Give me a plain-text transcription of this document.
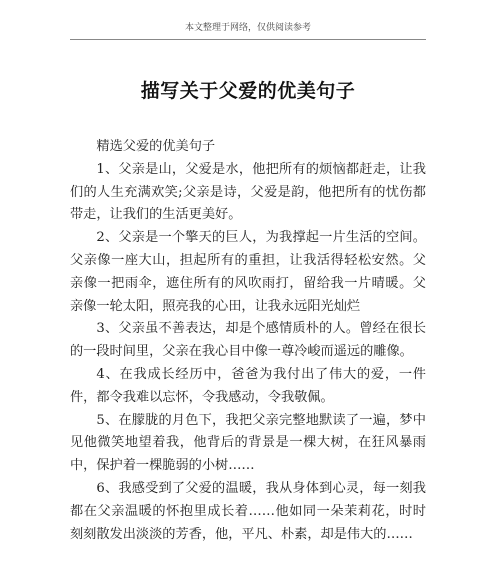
本文整理于网络，仅供阅读参考
描写关于父爱的优美句子

精选父爱的优美句子

1、父亲是山，父爱是水，他把所有的烦恼都赶走，让我们的人生充满欢笑;父亲是诗，父爱是韵，他把所有的忧伤都带走，让我们的生活更美好。

2、父亲是一个擎天的巨人，为我撑起一片生活的空间。父亲像一座大山，担起所有的重担，让我活得轻松安然。父亲像一把雨伞，遮住所有的风吹雨打，留给我一片晴暖。父亲像一轮太阳，照亮我的心田，让我永远阳光灿烂

3、父亲虽不善表达，却是个感情质朴的人。曾经在很长的一段时间里，父亲在我心目中像一尊冷峻而遥远的雕像。

4、在我成长经历中，爸爸为我付出了伟大的爱，一件件，都令我难以忘怀，令我感动，令我敬佩。

5、在朦胧的月色下，我把父亲完整地默读了一遍，梦中见他微笑地望着我，他背后的背景是一棵大树，在狂风暴雨中，保护着一棵脆弱的小树……

6、我感受到了父爱的温暖，我从身体到心灵，每一刻我都在父亲温暖的怀抱里成长着……他如同一朵茉莉花，时时刻刻散发出淡淡的芳香，他，平凡、朴素，却是伟大的……
